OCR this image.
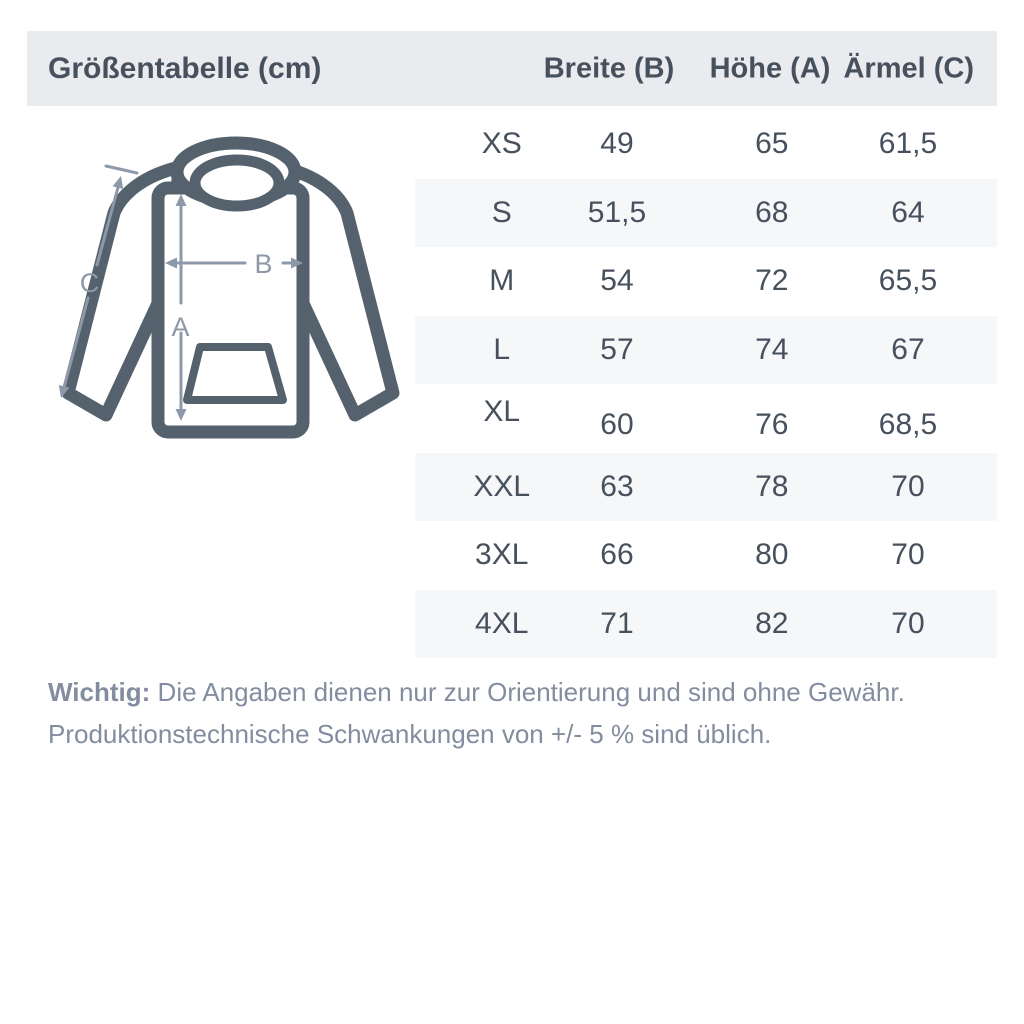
Größentabelle (cm)	Breite (B) Höhe (A) Ärmel (C)
A
B
C
XS	49	65	61,5
S	51,5	68	64
M	54	72	65,5
L	57	74	67
XL	60	76	68,5
XXL 63	78	70
3XL 66	80	70
4XL 71	82	70

Wichtig: Die Angaben dienen nur zur Orientierung und sind ohne Gewähr.

Produktionstechnische Schwankungen von +/- 5 % sind üblich.
